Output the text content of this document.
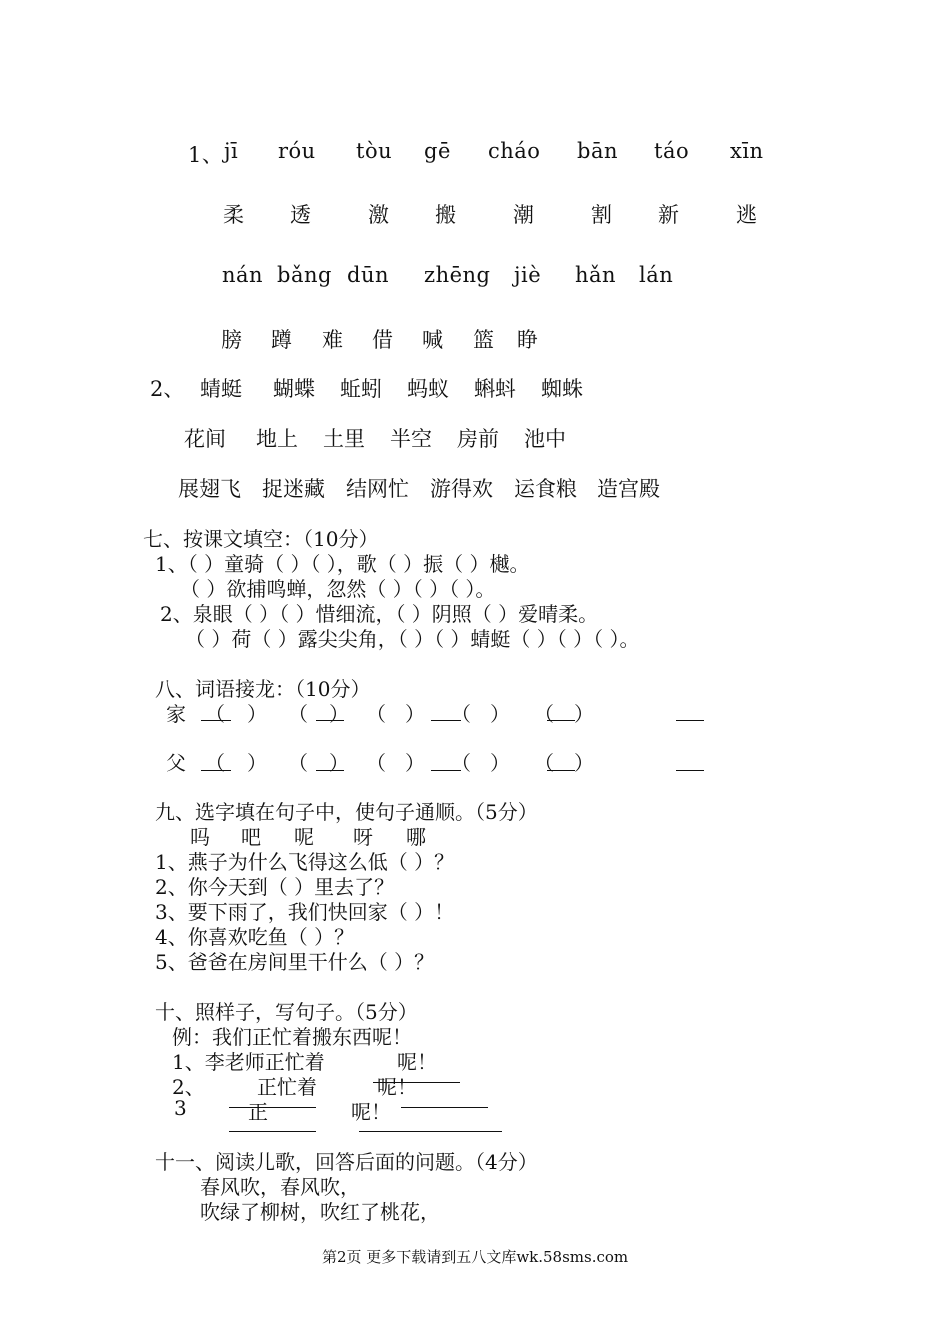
1、 jī róu tòu gē cháo bān táo xīn
柔 透	激 搬	潮	割 新	逃
nán bǎng dūn zhēng jiè hǎn lán
膀 蹲 难 借 喊 篮 睁
2、 蜻蜓 蝴蝶 蚯蚓 蚂蚁 蝌蚪 蜘蛛
花间 地上 土里 半空 房前 池中
展翅飞 捉迷藏 结网忙 游得欢 运食粮 造宫殿
七、按课文填空：（10分）
1、（ ）童骑（ ）（ ），歌（ ）振（ ）樾。
（ ）欲捕鸣蝉，忽然（ ）（ ）（ ）。
2、泉眼（ ）（ ）惜细流，（ ）阴照（ ）爱晴柔。
（ ）荷（ ）露尖尖角，（ ）（ ）蜻蜓（ ）（ ）（ ）。
八、词语接龙：（10分）
家 （ ） （ ） （ ） （ ） （ ）
父 （ ） （ ） （ ） （ ） （ ）
九、选字填在句子中，使句子通顺。（5分）
吗 吧 呢 呀 哪
1、燕子为什么飞得这么低（ ）？
2、你今天到（ ）里去了？
3、要下雨了，我们快回家（ ）！
4、你喜欢吃鱼（ ）？
5、爸爸在房间里干什么（ ）？
十、照样子，写句子。（5分）
例：我们正忙着搬东西呢！
1、李老师正忙着	呢！
2、	正忙着	呢！
3	正	呢！
十一、阅读儿歌，回答后面的问题。（4分）
春风吹，春风吹，
吹绿了柳树，吹红了桃花，
第2页 更多下载请到五八文库wk.58sms.com
